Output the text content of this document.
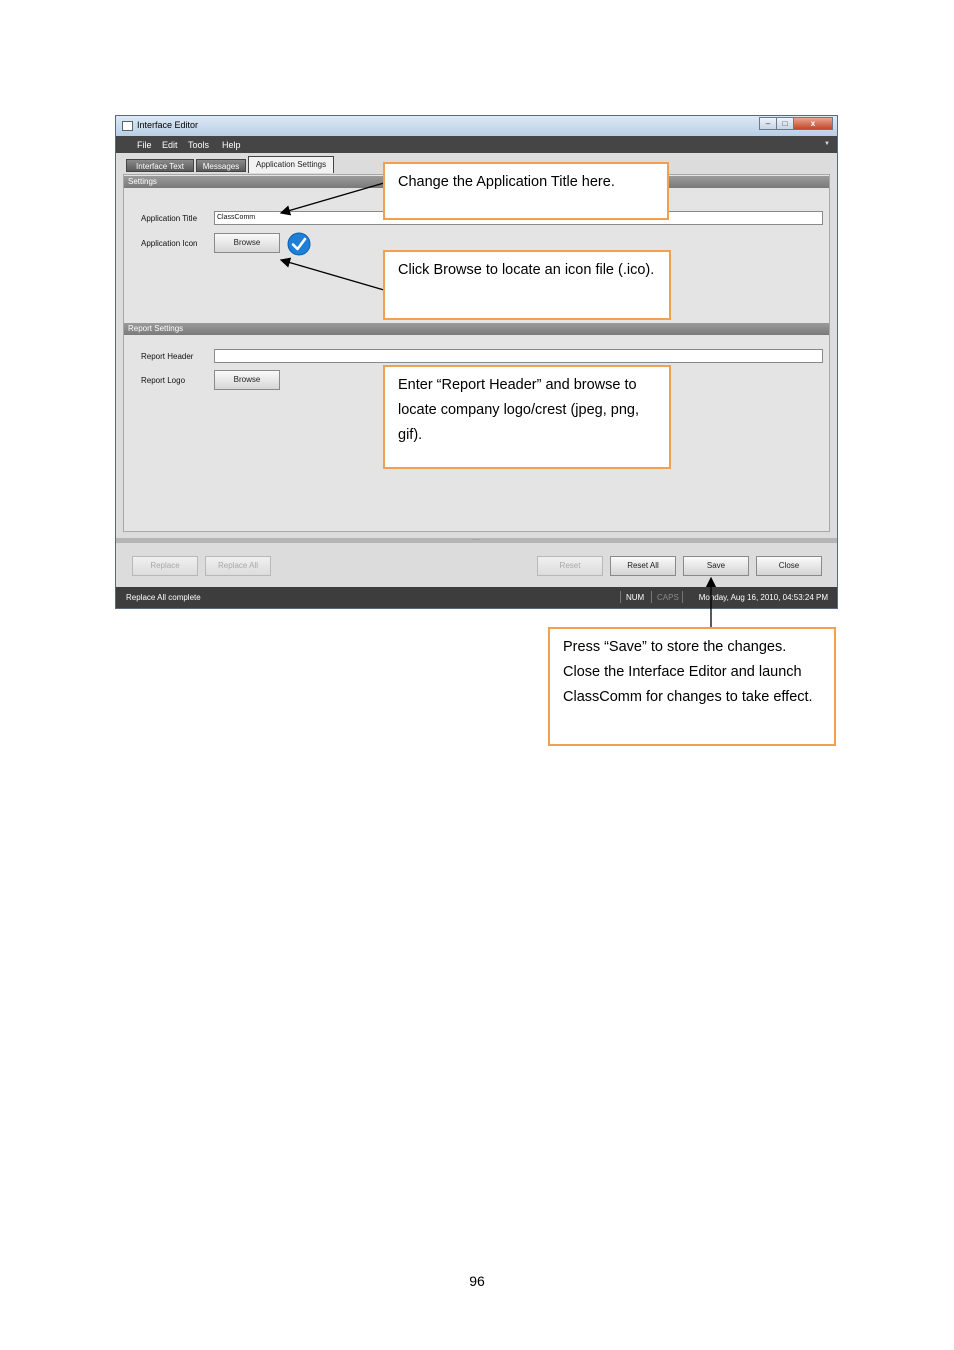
Interface Editor	–	□	x
File Edit Tools Help	▼
Interface Text	Messages	Application Settings
Settings
Application Title	ClassComm
Application Icon	Browse
Report Settings
Report Header
Report Logo	Browse
····
Replace	Replace All	Reset	Reset All	Save	Close
Replace All complete	NUM CAPS Monday, Aug 16, 2010, 04:53:24 PM
Change the Application Title here.
Click Browse to locate an icon file (.ico).
Enter “Report Header” and browse to locate company logo/crest (jpeg, png, gif).
Press “Save” to store the changes. Close the Interface Editor and launch ClassComm for changes to take effect.
96
